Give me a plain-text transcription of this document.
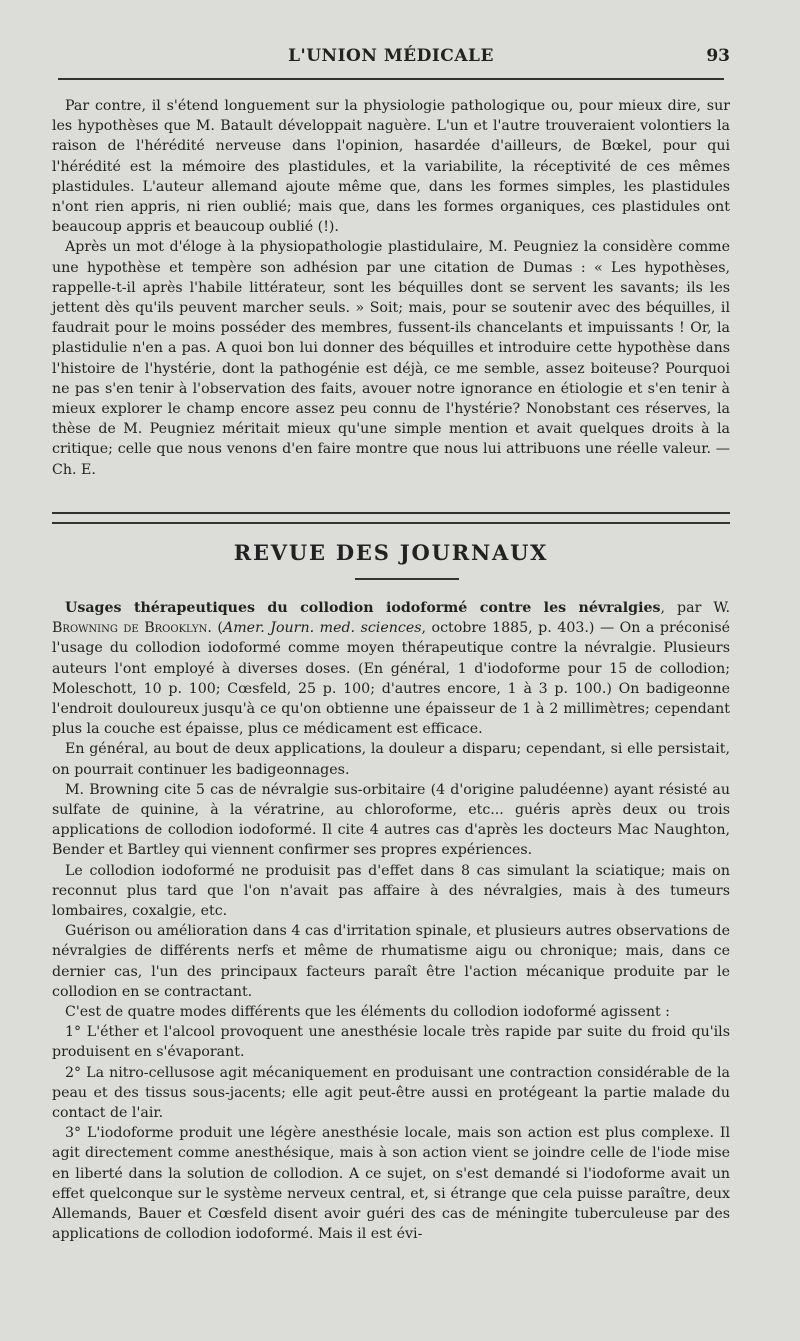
L'UNION MÉDICALE	93

Par contre, il s'étend longuement sur la physiologie pathologique ou, pour mieux dire, sur les hypothèses que M. Batault développait naguère. L'un et l'autre trouveraient volontiers la raison de l'hérédité nerveuse dans l'opinion, hasardée d'ailleurs, de Bœkel, pour qui l'hérédité est la mémoire des plastidules, et la variabilite, la réceptivité de ces mêmes plastidules. L'auteur allemand ajoute même que, dans les formes simples, les plastidules n'ont rien appris, ni rien oublié; mais que, dans les formes organiques, ces plastidules ont beaucoup appris et beaucoup oublié (!).

Après un mot d'éloge à la physiopathologie plastidulaire, M. Peugniez la considère comme une hypothèse et tempère son adhésion par une citation de Dumas : « Les hypothèses, rappelle-t-il après l'habile littérateur, sont les béquilles dont se servent les savants; ils les jettent dès qu'ils peuvent marcher seuls. » Soit; mais, pour se soutenir avec des béquilles, il faudrait pour le moins posséder des membres, fussent-ils chancelants et impuissants ! Or, la plastidulie n'en a pas. A quoi bon lui donner des béquilles et introduire cette hypothèse dans l'histoire de l'hystérie, dont la pathogénie est déjà, ce me semble, assez boiteuse? Pourquoi ne pas s'en tenir à l'observation des faits, avouer notre ignorance en étiologie et s'en tenir à mieux explorer le champ encore assez peu connu de l'hystérie? Nonobstant ces réserves, la thèse de M. Peugniez méritait mieux qu'une simple mention et avait quelques droits à la critique; celle que nous venons d'en faire montre que nous lui attribuons une réelle valeur. — Ch. E.

REVUE DES JOURNAUX

Usages thérapeutiques du collodion iodoformé contre les névralgies, par W. Browning de Brooklyn. (Amer. Journ. med. sciences, octobre 1885, p. 403.) — On a préconisé l'usage du collodion iodoformé comme moyen thérapeutique contre la névralgie. Plusieurs auteurs l'ont employé à diverses doses. (En général, 1 d'iodoforme pour 15 de collodion; Moleschott, 10 p. 100; Cœsfeld, 25 p. 100; d'autres encore, 1 à 3 p. 100.) On badigeonne l'endroit douloureux jusqu'à ce qu'on obtienne une épaisseur de 1 à 2 millimètres; cependant plus la couche est épaisse, plus ce médicament est efficace.

En général, au bout de deux applications, la douleur a disparu; cependant, si elle persistait, on pourrait continuer les badigeonnages.

M. Browning cite 5 cas de névralgie sus-orbitaire (4 d'origine paludéenne) ayant résisté au sulfate de quinine, à la vératrine, au chloroforme, etc... guéris après deux ou trois applications de collodion iodoformé. Il cite 4 autres cas d'après les docteurs Mac Naughton, Bender et Bartley qui viennent confirmer ses propres expériences.

Le collodion iodoformé ne produisit pas d'effet dans 8 cas simulant la sciatique; mais on reconnut plus tard que l'on n'avait pas affaire à des névralgies, mais à des tumeurs lombaires, coxalgie, etc.

Guérison ou amélioration dans 4 cas d'irritation spinale, et plusieurs autres observations de névralgies de différents nerfs et même de rhumatisme aigu ou chronique; mais, dans ce dernier cas, l'un des principaux facteurs paraît être l'action mécanique produite par le collodion en se contractant.

C'est de quatre modes différents que les éléments du collodion iodoformé agissent :

1° L'éther et l'alcool provoquent une anesthésie locale très rapide par suite du froid qu'ils produisent en s'évaporant.

2° La nitro-cellusose agit mécaniquement en produisant une contraction considérable de la peau et des tissus sous-jacents; elle agit peut-être aussi en protégeant la partie malade du contact de l'air.

3° L'iodoforme produit une légère anesthésie locale, mais son action est plus complexe. Il agit directement comme anesthésique, mais à son action vient se joindre celle de l'iode mise en liberté dans la solution de collodion. A ce sujet, on s'est demandé si l'iodoforme avait un effet quelconque sur le système nerveux central, et, si étrange que cela puisse paraître, deux Allemands, Bauer et Cœsfeld disent avoir guéri des cas de méningite tuberculeuse par des applications de collodion iodoformé. Mais il est évi-
